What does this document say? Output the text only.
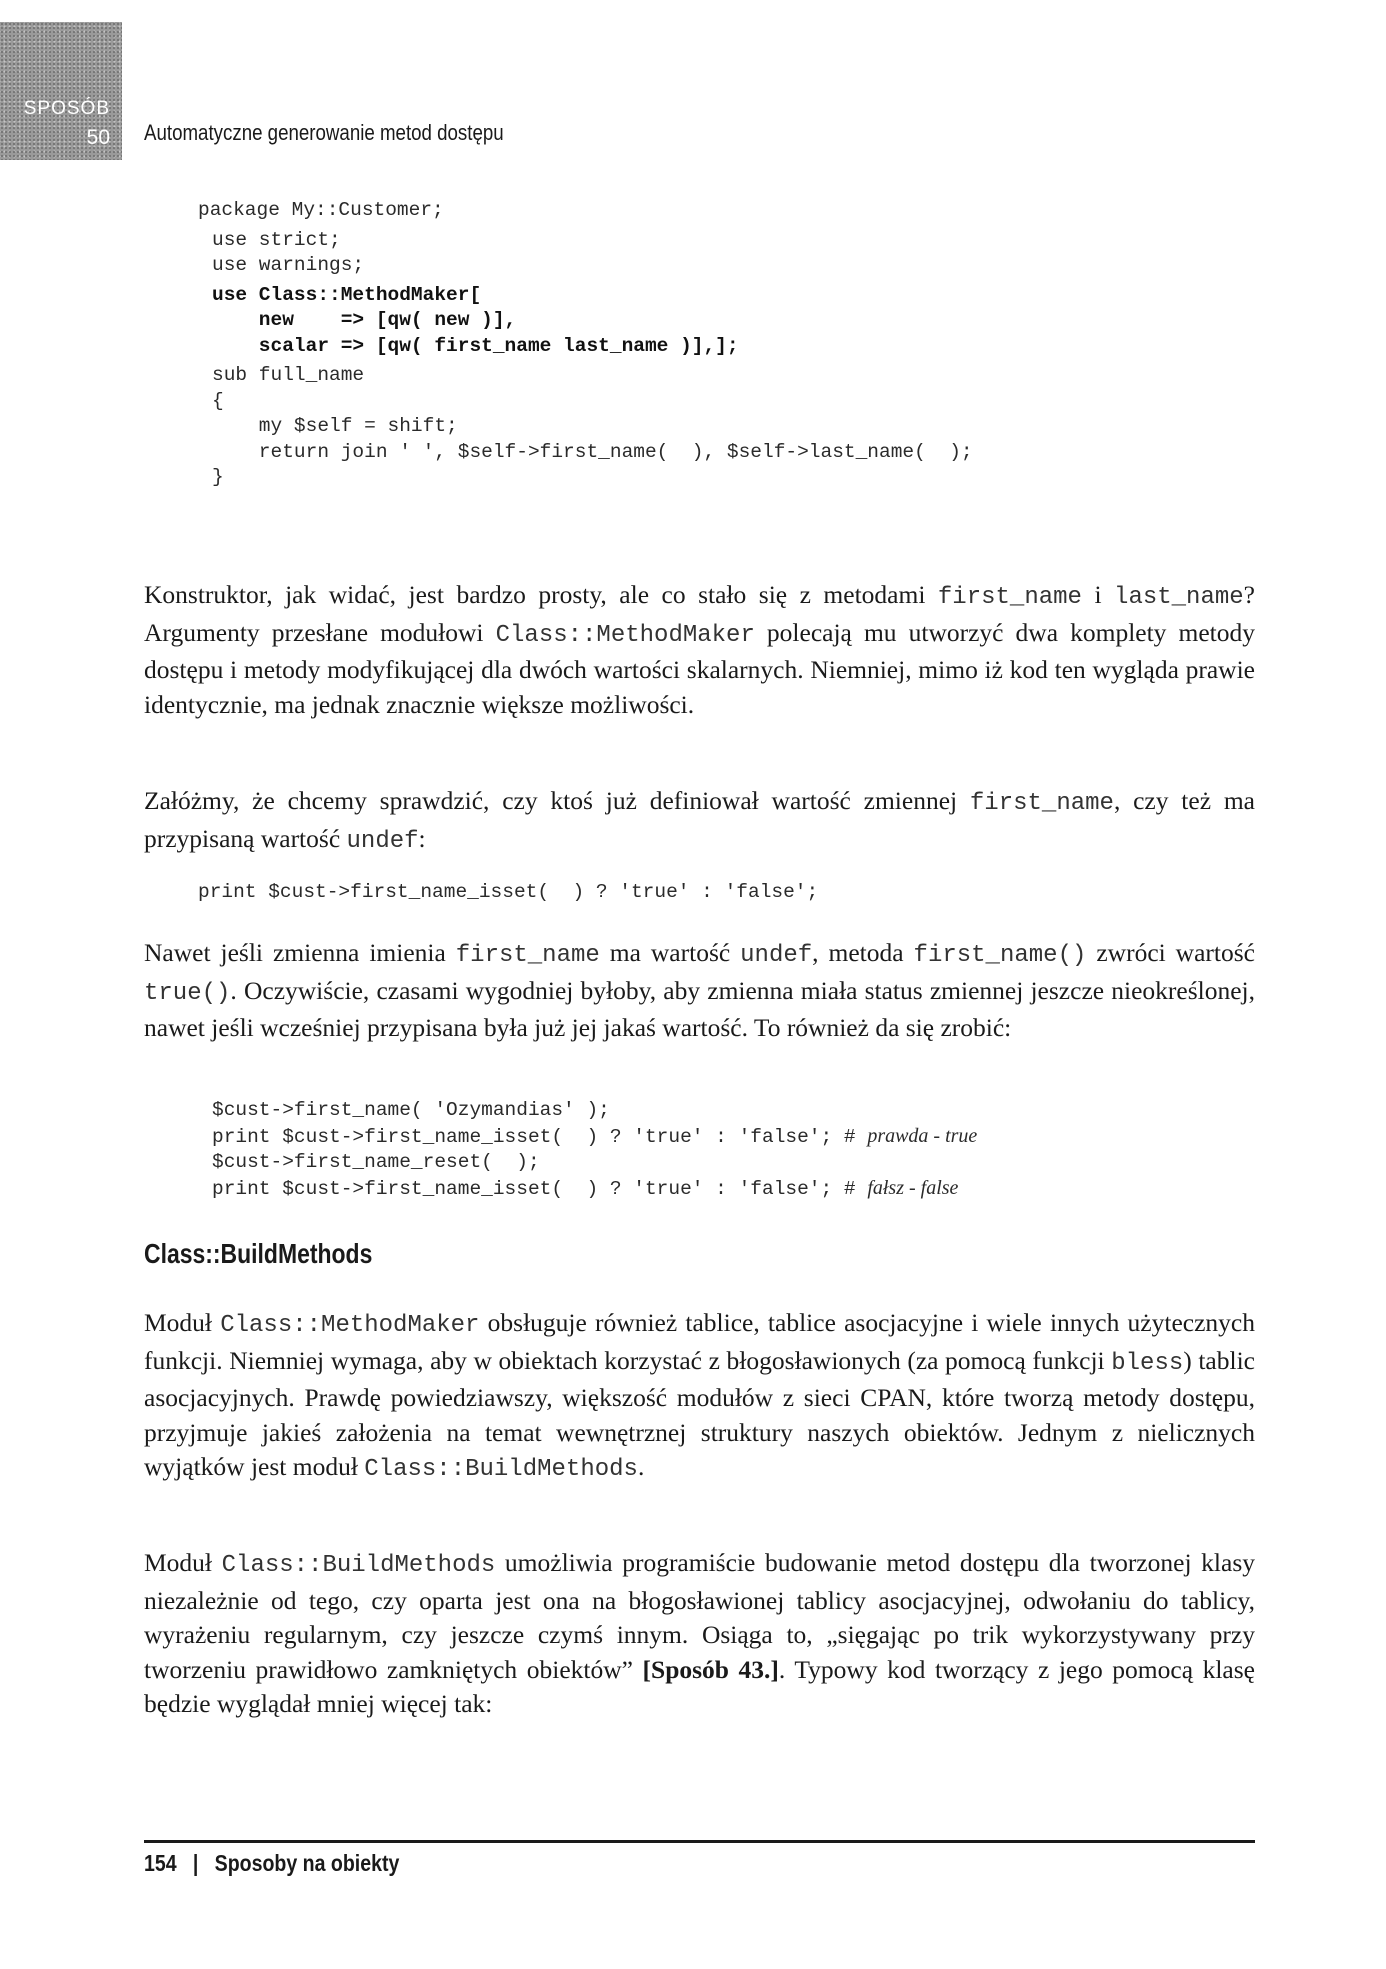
SPOSÓB
50 Automatyczne generowanie metod dostępu
package My::Customer;

use strict;
use warnings;

use Class::MethodMaker[
new    => [qw( new )],
scalar => [qw( first_name last_name )],];

sub full_name
{
my $self = shift;
return join ' ', $self->first_name(  ), $self->last_name(  );
}

Konstruktor, jak widać, jest bardzo prosty, ale co stało się z metodami first_name i last_name? Argumenty przesłane modułowi Class::MethodMaker polecają mu utworzyć dwa komplety metody dostępu i metody modyfikującej dla dwóch wartości skalarnych. Niemniej, mimo iż kod ten wygląda prawie identycznie, ma jednak znacznie większe możliwości.

Załóżmy, że chcemy sprawdzić, czy ktoś już definiował wartość zmiennej first_name, czy też ma przypisaną wartość undef:

print $cust->first_name_isset(  ) ? 'true' : 'false';

Nawet jeśli zmienna imienia first_name ma wartość undef, metoda first_name() zwróci wartość true(). Oczywiście, czasami wygodniej byłoby, aby zmienna miała status zmiennej jeszcze nieokreślonej, nawet jeśli wcześniej przypisana była już jej jakaś wartość. To również da się zrobić:

$cust->first_name( 'Ozymandias' );
print $cust->first_name_isset(  ) ? 'true' : 'false'; # prawda - true
$cust->first_name_reset(  );
print $cust->first_name_isset(  ) ? 'true' : 'false'; # fałsz - false
Class::BuildMethods

Moduł Class::MethodMaker obsługuje również tablice, tablice asocjacyjne i wiele innych użytecznych funkcji. Niemniej wymaga, aby w obiektach korzystać z błogosławionych (za pomocą funkcji bless) tablic asocjacyjnych. Prawdę powiedziawszy, większość modułów z sieci CPAN, które tworzą metody dostępu, przyjmuje jakieś założenia na temat wewnętrznej struktury naszych obiektów. Jednym z nielicznych wyjątków jest moduł Class::BuildMethods.

Moduł Class::BuildMethods umożliwia programiście budowanie metod dostępu dla tworzonej klasy niezależnie od tego, czy oparta jest ona na błogosławionej tablicy asocjacyjnej, odwołaniu do tablicy, wyrażeniu regularnym, czy jeszcze czymś innym. Osiąga to, „sięgając po trik wykorzystywany przy tworzeniu prawidłowo zamkniętych obiektów” [Sposób 43.]. Typowy kod tworzący z jego pomocą klasę będzie wyglądał mniej więcej tak:

154 | Sposoby na obiekty
